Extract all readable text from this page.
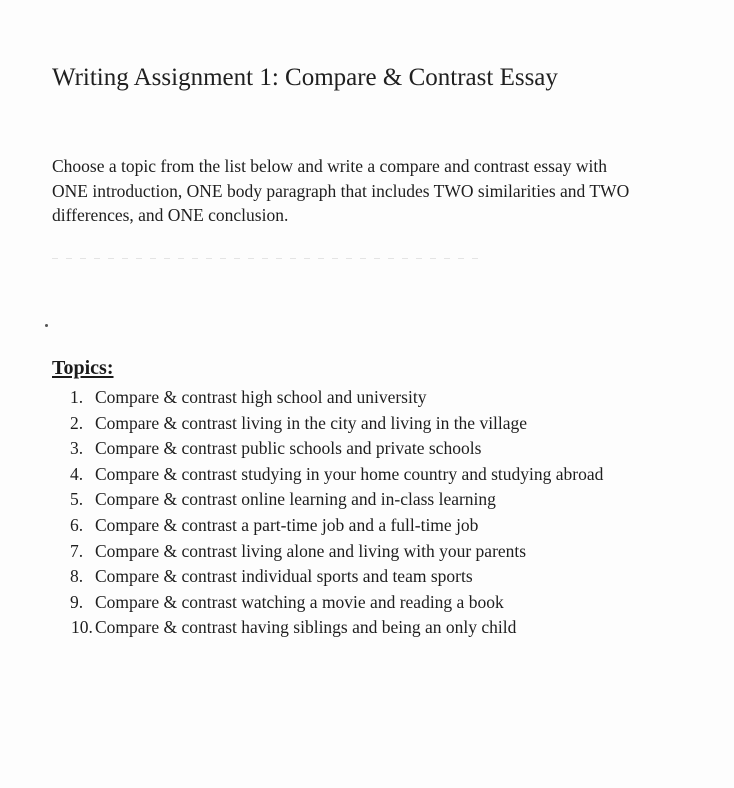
Writing Assignment 1: Compare & Contrast Essay

Choose a topic from the list below and write a compare and contrast essay with ONE introduction, ONE body paragraph that includes TWO similarities and TWO differences, and ONE conclusion.

Topics:
1. Compare & contrast high school and university
2. Compare & contrast living in the city and living in the village
3. Compare & contrast public schools and private schools
4. Compare & contrast studying in your home country and studying abroad
5. Compare & contrast online learning and in-class learning
6. Compare & contrast a part-time job and a full-time job
7. Compare & contrast living alone and living with your parents
8. Compare & contrast individual sports and team sports
9. Compare & contrast watching a movie and reading a book
10. Compare & contrast having siblings and being an only child
